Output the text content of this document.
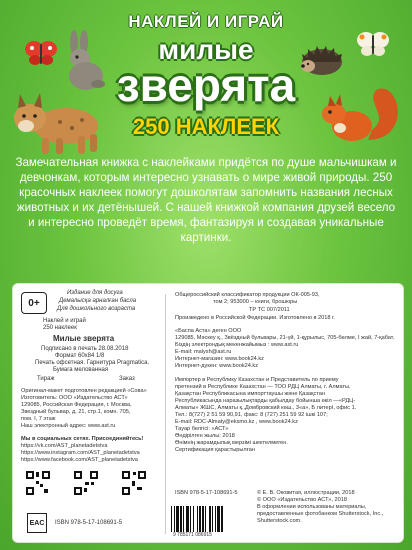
НАКЛЕЙ И ИГРАЙ
милые
зверята
250 НАКЛЕЕК
Замечательная книжка с наклейками придётся по душе мальчишкам и девчонкам, которым интересно узнавать о мире живой природы. 250 красочных наклеек помогут дошколятам запомнить названия лесных животных и их детёнышей. С нашей книжкой компания друзей весело и интересно проведёт время, фантазируя и создавая уникальные картинки.
0+
Издание для досуга
Демалысқа арналған басла
Для дошкольного возраста
Наклей и играй
250 наклеек
Милые зверята
Подписано в печать 28.08.2018
Формат 60х84 1/8
Печать офсетная. Гарнитура Pragmatica.
Бумага мелованная
Тираж	Заказ
Оригинал-макет подготовлен редакцией «Сова»
Изготовитель: ООО «Издательство АСТ»
129085, Российская Федерация, г. Москва,
Звездный бульвар, д. 21, стр.1, комн. 705,
пом. I, 7 этаж
Наш электронный адрес: www.ast.ru
Мы в социальных сетях. Присоединяйтесь!
https://vk.com/AST_planetadetstva
https://www.instagram.com/AST_planetadetstva
https://www.facebook.com/AST_planetadetstva
EAC	ISBN 978-5-17-108691-5
Общероссийский классификатор продукции ОК-005-93,
том 2; 953000 – книги, брошюры
ТР ТС 007/2011
Произведено в Российской Федерации. Изготовлено в 2018 г.
«Баспа Аста» деген ООО
129085, Мәскеу қ., Звёздный бульвары, 21-үй, 1-құрылыс, 705-бөлме, I жай, 7-қабат.
Біздің электрондық мекенжайымыз : www.ast.ru
E-mail: malysh@ast.ru
Интернет-магазин: www.book24.kz
Интернет-дүкен: www.book24.kz
Импортер в Республику Казахстан и Представитель по приему
претензий в Республике Казахстан — ТОО РДЦ Алматы, г. Алматы.
Қазақстан Республикасына импорттаушы және Қазақстан
Республикасында наразылықтарды қабылдау бойынша өкіл —«РДЦ-
Алматы» ЖШС, Алматы қ.,Домбровский көш., 3«а», Б литерІ, офис 1.
Тел.: 8(727) 2 51 59 90,91, факс: 8 (727) 251 59 92 ішкі 107;
E-mail: RDC-Almaty@eksmo.kz , www.book24.kz
Тауар белгісі: «АСТ»
Өндірілген жылы: 2018
Өнімнің жарамдылық мерзімі шектелмеген.
Сертификация қарастырылған
ISBN 978-5-17-108691-5
9 785171 086915
© Е. В. Оковитая, иллюстрации, 2018
© ООО «Издательство АСТ», 2018
В оформлении использованы материалы,
предоставленные фотобанком Shutterstock, Inc.,
Shutterstock.com.
